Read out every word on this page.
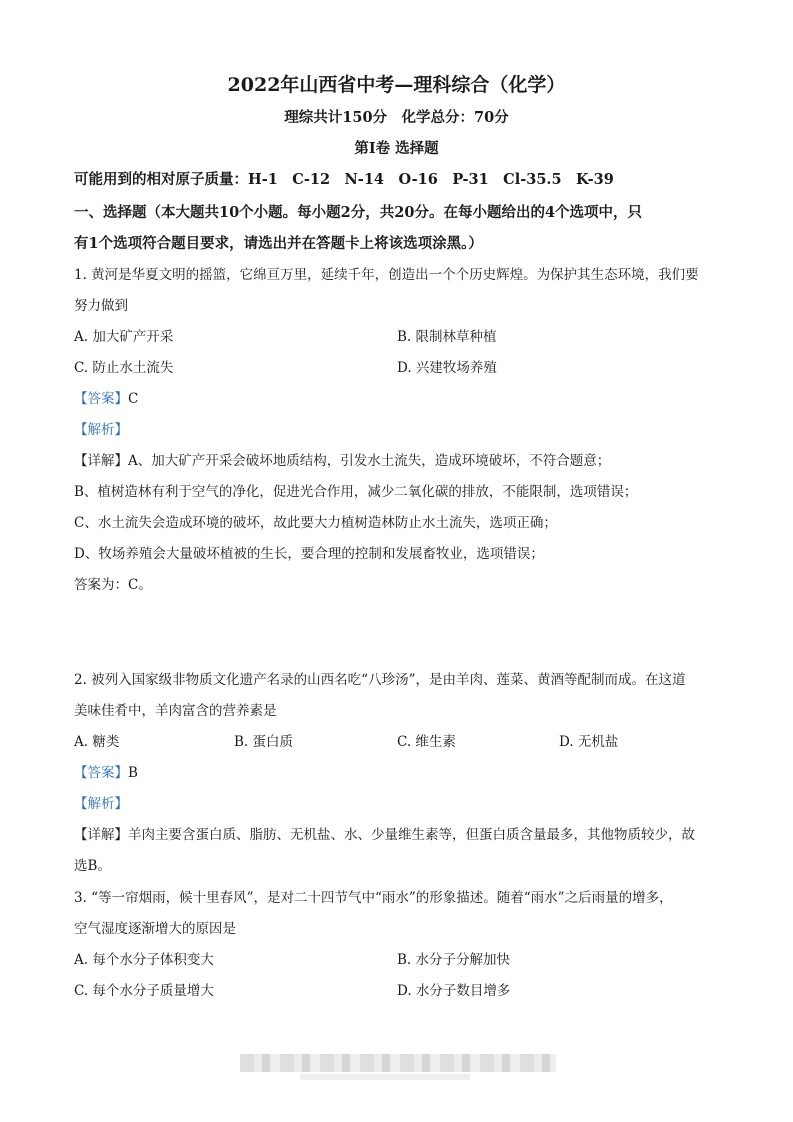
2022年山西省中考—理科综合（化学）
理综共计150分　化学总分：70分
第Ⅰ卷 选择题
可能用到的相对原子质量：H-1　C-12　N-14　O-16　P-31　Cl-35.5　K-39
一、选择题（本大题共10个小题。每小题2分，共20分。在每小题给出的4个选项中，只
有1个选项符合题目要求，请选出并在答题卡上将该选项涂黑。）
1. 黄河是华夏文明的摇篮，它绵亘万里，延续千年，创造出一个个历史辉煌。为保护其生态环境，我们要
努力做到
A. 加大矿产开采	B. 限制林草种植
C. 防止水土流失	D. 兴建牧场养殖
【答案】C
【解析】
【详解】A、加大矿产开采会破坏地质结构，引发水土流失，造成环境破坏，不符合题意；
B、植树造林有利于空气的净化，促进光合作用，减少二氧化碳的排放，不能限制，选项错误；
C、水土流失会造成环境的破坏，故此要大力植树造林防止水土流失，选项正确；
D、牧场养殖会大量破坏植被的生长，要合理的控制和发展畜牧业，选项错误；
答案为：C。
2. 被列入国家级非物质文化遗产名录的山西名吃“八珍汤”，是由羊肉、莲菜、黄酒等配制而成。在这道
美味佳肴中，羊肉富含的营养素是
A. 糖类	B. 蛋白质	C. 维生素	D. 无机盐
【答案】B
【解析】
【详解】羊肉主要含蛋白质、脂肪、无机盐、水、少量维生素等，但蛋白质含量最多，其他物质较少，故
选B。
3. “等一帘烟雨，候十里春风”，是对二十四节气中“雨水”的形象描述。随着“雨水”之后雨量的增多，
空气湿度逐渐增大的原因是
A. 每个水分子体积变大	B. 水分子分解加快
C. 每个水分子质量增大	D. 水分子数目增多
